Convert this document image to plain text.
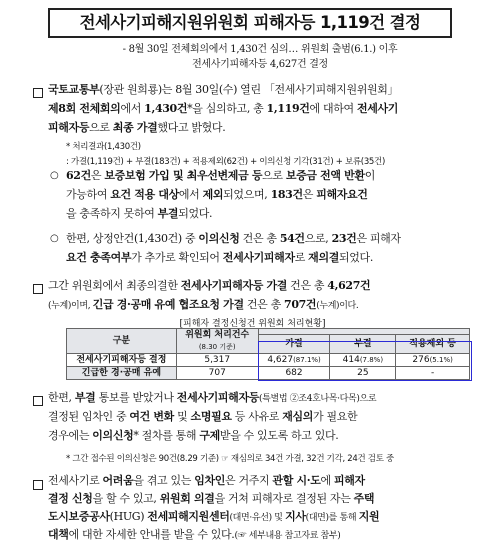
전세사기피해지원위원회 피해자등 1,119건 결정
- 8월 30일 전체회의에서 1,430건 심의… 위원회 출범(6.1.) 이후
전세사기피해자등 4,627건 결정
국토교통부(장관 원희룡)는 8월 30일(수) 열린 「전세사기피해지원위원회」
제8회 전체회의에서 1,430건*을 심의하고, 총 1,119건에 대하여 전세사기
피해자등으로 최종 가결했다고 밝혔다.
* 처리결과(1,430건)
: 가결(1,119건) + 부결(183건) + 적용제외(62건) + 이의신청 기각(31건) + 보류(35건)
○ 62건은 보증보험 가입 및 최우선변제금 등으로 보증금 전액 반환이
가능하여 요건 적용 대상에서 제외되었으며, 183건은 피해자요건
을 충족하지 못하여 부결되었다.
○ 한편, 상정안건(1,430건) 중 이의신청 건은 총 54건으로, 23건은 피해자
요건 충족여부가 추가로 확인되어 전세사기피해자로 재의결되었다.
그간 위원회에서 최종의결한 전세사기피해자등 가결 건은 총 4,627건
(누계)이며, 긴급 경·공매 유예 협조요청 가결 건은 총 707건(누계)이다.
[피해자 결정신청건 위원회 처리현황]
구분	위원회 처리건수
(8.30 기준)			
		가결	부결	적용제외 등
전세사기피해자등 결정	5,317	4,627(87.1%)	414(7.8%)	276(5.1%)
긴급한 경·공매 유예	707	682	25	-
한편, 부결 통보를 받았거나 전세사기피해자등(특별법 ②조4호나목·다목)으로
결정된 임차인 중 여건 변화 및 소명필요 등 사유로 재심의가 필요한
경우에는 이의신청* 절차를 통해 구제받을 수 있도록 하고 있다.
* 그간 접수된 이의신청은 90건(8.29 기준) ☞ 재심의로 34건 가결, 32건 기각, 24건 검토 중
전세사기로 어려움을 겪고 있는 임차인은 거주지 관할 시·도에 피해자
결정 신청을 할 수 있고, 위원회 의결을 거쳐 피해자로 결정된 자는 주택
도시보증공사(HUG) 전세피해지원센터(대면·유선) 및 지사(대면)를 통해 지원
대책에 대한 자세한 안내를 받을 수 있다.(☞ 세부내용 참고자료 참부)
